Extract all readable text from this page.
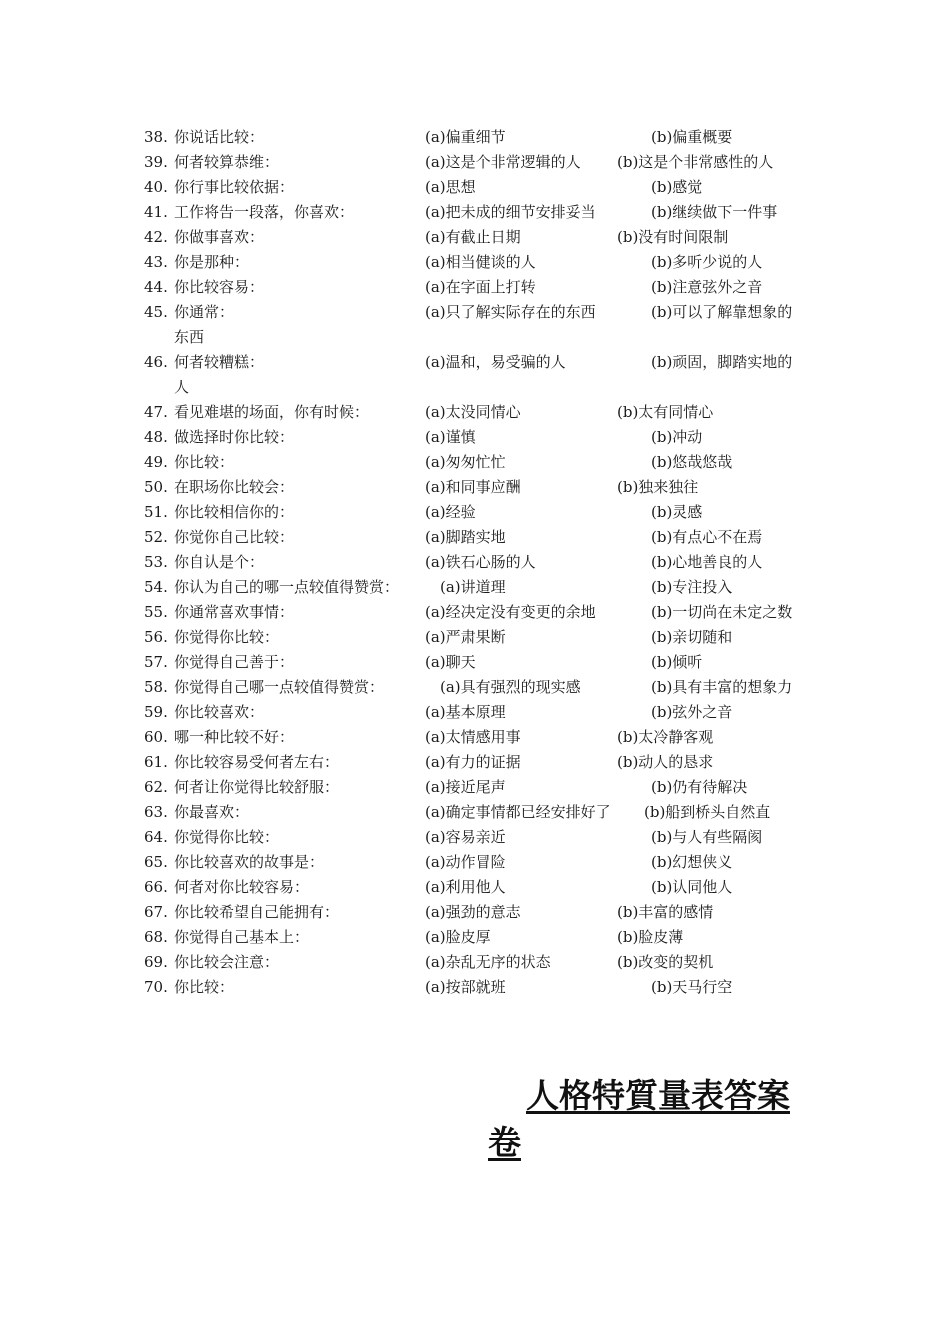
38. 你说话比较：	(a)偏重细节	(b)偏重概要
39. 何者较算恭维：	(a)这是个非常逻辑的人 (b)这是个非常感性的人
40. 你行事比较依据：	(a)思想	(b)感觉
41. 工作将告一段落，你喜欢：	(a)把未成的细节安排妥当	(b)继续做下一件事
42. 你做事喜欢：	(a)有截止日期	(b)没有时间限制
43. 你是那种：	(a)相当健谈的人	(b)多听少说的人
44. 你比较容易：	(a)在字面上打转	(b)注意弦外之音
45. 你通常：	(a)只了解实际存在的东西	(b)可以了解靠想象的
东西
46. 何者较糟糕：	(a)温和，易受骗的人	(b)顽固，脚踏实地的
人
47. 看见难堪的场面，你有时候：	(a)太没同情心	(b)太有同情心
48. 做选择时你比较：	(a)谨慎	(b)冲动
49. 你比较：	(a)匆匆忙忙	(b)悠哉悠哉
50. 在职场你比较会：	(a)和同事应酬	(b)独来独往
51. 你比较相信你的：	(a)经验	(b)灵感
52. 你觉你自己比较：	(a)脚踏实地	(b)有点心不在焉
53. 你自认是个：	(a)铁石心肠的人	(b)心地善良的人
54. 你认为自己的哪一点较值得赞赏：	(a)讲道理	(b)专注投入
55. 你通常喜欢事情：	(a)经决定没有变更的余地	(b)一切尚在未定之数
56. 你觉得你比较：	(a)严肃果断	(b)亲切随和
57. 你觉得自己善于：	(a)聊天	(b)倾听
58. 你觉得自己哪一点较值得赞赏：	(a)具有强烈的现实感	(b)具有丰富的想象力
59. 你比较喜欢：	(a)基本原理	(b)弦外之音
60. 哪一种比较不好：	(a)太情感用事	(b)太冷静客观
61. 你比较容易受何者左右：	(a)有力的证据	(b)动人的恳求
62. 何者让你觉得比较舒服：	(a)接近尾声	(b)仍有待解决
63. 你最喜欢：	(a)确定事情都已经安排好了 (b)船到桥头自然直
64. 你觉得你比较：	(a)容易亲近	(b)与人有些隔阂
65. 你比较喜欢的故事是：	(a)动作冒险	(b)幻想侠义
66. 何者对你比较容易：	(a)利用他人	(b)认同他人
67. 你比较希望自己能拥有：	(a)强劲的意志	(b)丰富的感情
68. 你觉得自己基本上：	(a)脸皮厚	(b)脸皮薄
69. 你比较会注意：	(a)杂乱无序的状态	(b)改变的契机
70. 你比较：	(a)按部就班	(b)天马行空
人格特質量表答案
卷
